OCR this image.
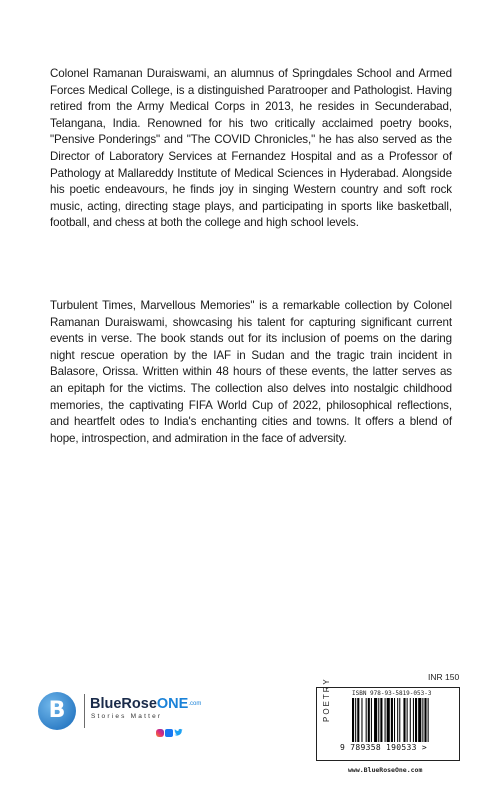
Colonel Ramanan Duraiswami, an alumnus of Springdales School and Armed Forces Medical College, is a distinguished Paratrooper and Pathologist. Having retired from the Army Medical Corps in 2013, he resides in Secunderabad, Telangana, India. Renowned for his two critically acclaimed poetry books, "Pensive Ponderings" and "The COVID Chronicles," he has also served as the Director of Laboratory Services at Fernandez Hospital and as a Professor of Pathology at Mallareddy Institute of Medical Sciences in Hyderabad. Alongside his poetic endeavours, he finds joy in singing Western country and soft rock music, acting, directing stage plays, and participating in sports like basketball, football, and chess at both the college and high school levels.

Turbulent Times, Marvellous Memories" is a remarkable collection by Colonel Ramanan Duraiswami, showcasing his talent for capturing significant current events in verse. The book stands out for its inclusion of poems on the daring night rescue operation by the IAF in Sudan and the tragic train incident in Balasore, Orissa. Written within 48 hours of these events, the latter serves as an epitaph for the victims. The collection also delves into nostalgic childhood memories, the captivating FIFA World Cup of 2022, philosophical reflections, and heartfelt odes to India's enchanting cities and towns. It offers a blend of hope, introspection, and admiration in the face of adversity.

B	BlueRoseONE.com
Stories Matter
INR 150
POETRY	ISBN 978-93-5819-053-3
9 789358 190533 >
www.BlueRoseOne.com
